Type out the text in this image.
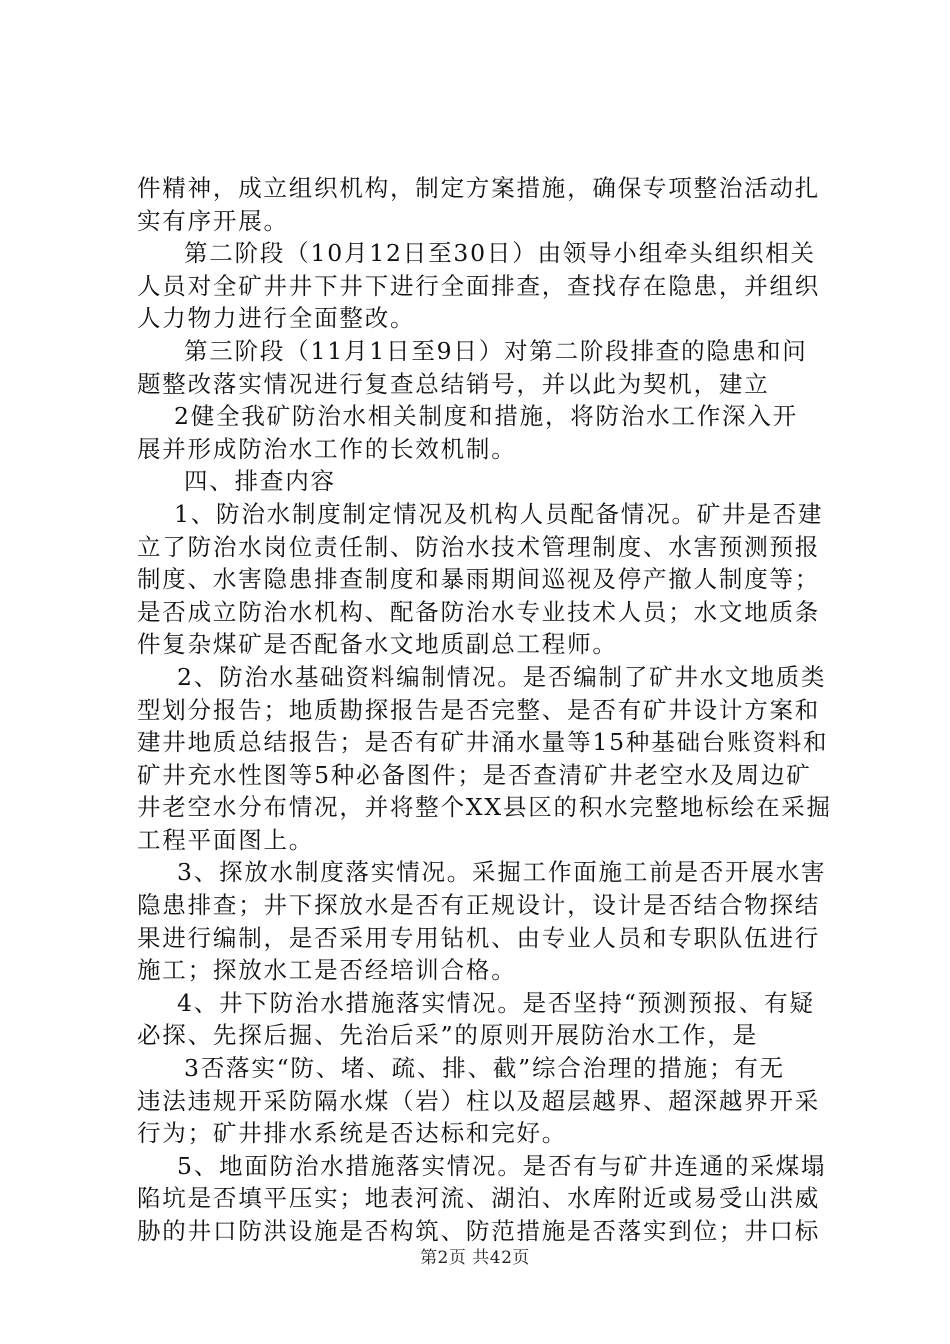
件精神，成立组织机构，制定方案措施，确保专项整治活动扎
实有序开展。
第二阶段（10月12日至30日）由领导小组牵头组织相关
人员对全矿井井下井下进行全面排查，查找存在隐患，并组织
人力物力进行全面整改。
第三阶段（11月1日至9日）对第二阶段排查的隐患和问
题整改落实情况进行复查总结销号，并以此为契机，建立
2健全我矿防治水相关制度和措施，将防治水工作深入开
展并形成防治水工作的长效机制。
四、排查内容
1、防治水制度制定情况及机构人员配备情况。矿井是否建
立了防治水岗位责任制、防治水技术管理制度、水害预测预报
制度、水害隐患排查制度和暴雨期间巡视及停产撤人制度等；
是否成立防治水机构、配备防治水专业技术人员；水文地质条
件复杂煤矿是否配备水文地质副总工程师。
2、防治水基础资料编制情况。是否编制了矿井水文地质类
型划分报告；地质勘探报告是否完整、是否有矿井设计方案和
建井地质总结报告；是否有矿井涌水量等15种基础台账资料和
矿井充水性图等5种必备图件；是否查清矿井老空水及周边矿
井老空水分布情况，并将整个XX县区的积水完整地标绘在采掘
工程平面图上。
3、探放水制度落实情况。采掘工作面施工前是否开展水害
隐患排查；井下探放水是否有正规设计，设计是否结合物探结
果进行编制，是否采用专用钻机、由专业人员和专职队伍进行
施工；探放水工是否经培训合格。
4、井下防治水措施落实情况。是否坚持“预测预报、有疑
必探、先探后掘、先治后采”的原则开展防治水工作，是
3否落实“防、堵、疏、排、截”综合治理的措施；有无
违法违规开采防隔水煤（岩）柱以及超层越界、超深越界开采
行为；矿井排水系统是否达标和完好。
5、地面防治水措施落实情况。是否有与矿井连通的采煤塌
陷坑是否填平压实；地表河流、湖泊、水库附近或易受山洪威
胁的井口防洪设施是否构筑、防范措施是否落实到位；井口标
第2页 共42页
